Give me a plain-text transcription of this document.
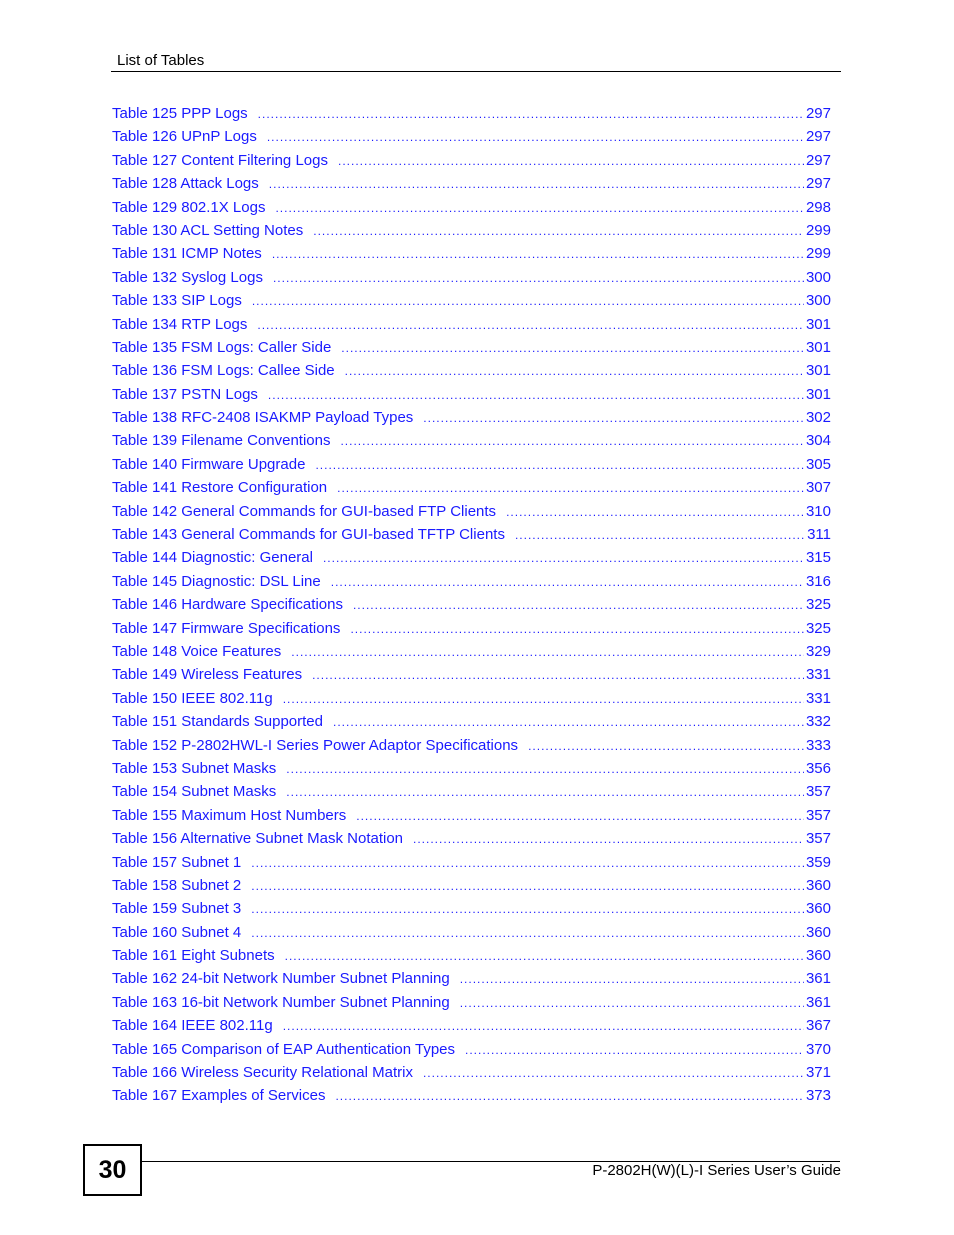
List of Tables
Table 125 PPP Logs .....	297
Table 126 UPnP Logs .....	297
Table 127 Content Filtering Logs .....	297
Table 128 Attack Logs .....	297
Table 129 802.1X Logs .....	298
Table 130 ACL Setting Notes .....	299
Table 131 ICMP Notes .....	299
Table 132 Syslog Logs .....	300
Table 133 SIP Logs .....	300
Table 134 RTP Logs .....	301
Table 135 FSM Logs: Caller Side .....	301
Table 136 FSM Logs: Callee Side .....	301
Table 137 PSTN Logs .....	301
Table 138 RFC-2408 ISAKMP Payload Types .....	302
Table 139 Filename Conventions .....	304
Table 140 Firmware Upgrade .....	305
Table 141 Restore Configuration .....	307
Table 142 General Commands for GUI-based FTP Clients .....	310
Table 143 General Commands for GUI-based TFTP Clients .....	311
Table 144 Diagnostic: General .....	315
Table 145 Diagnostic: DSL Line .....	316
Table 146 Hardware Specifications .....	325
Table 147 Firmware Specifications .....	325
Table 148 Voice Features .....	329
Table 149 Wireless Features .....	331
Table 150 IEEE 802.11g .....	331
Table 151 Standards Supported .....	332
Table 152 P-2802HWL-I Series Power Adaptor Specifications .....	333
Table 153 Subnet Masks .....	356
Table 154 Subnet Masks .....	357
Table 155 Maximum Host Numbers .....	357
Table 156 Alternative Subnet Mask Notation .....	357
Table 157 Subnet 1 .....	359
Table 158 Subnet 2 .....	360
Table 159 Subnet 3 .....	360
Table 160 Subnet 4 .....	360
Table 161 Eight Subnets .....	360
Table 162 24-bit Network Number Subnet Planning .....	361
Table 163 16-bit Network Number Subnet Planning .....	361
Table 164 IEEE 802.11g .....	367
Table 165 Comparison of EAP Authentication Types .....	370
Table 166 Wireless Security Relational Matrix .....	371
Table 167 Examples of Services .....	373
30	P-2802H(W)(L)-I Series User’s Guide
